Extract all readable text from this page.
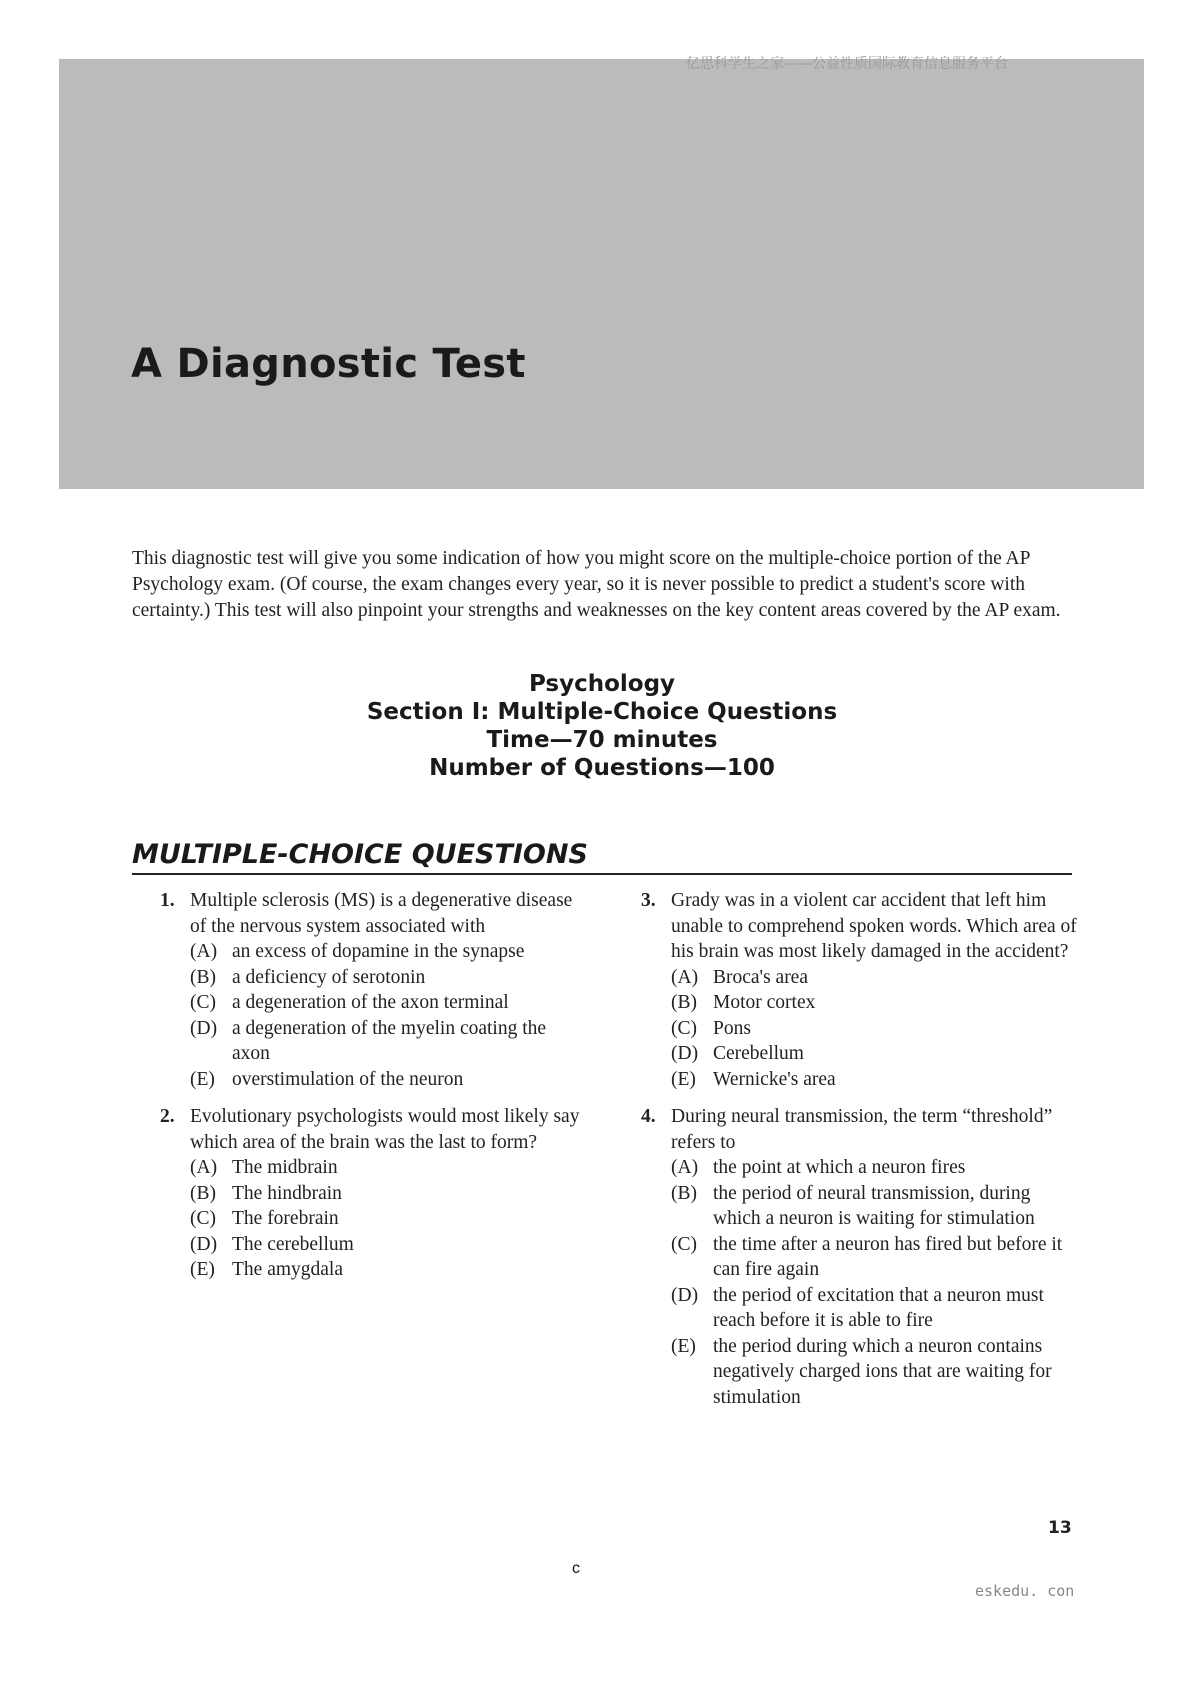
亿思科学生之家——公益性质国际教育信息服务平台
A Diagnostic Test

This diagnostic test will give you some indication of how you might score on the multiple-choice portion of the AP Psychology exam. (Of course, the exam changes every year, so it is never possible to predict a student's score with certainty.) This test will also pinpoint your strengths and weaknesses on the key content areas covered by the AP exam.

Psychology
Section I: Multiple-Choice Questions
Time—70 minutes
Number of Questions—100
MULTIPLE-CHOICE QUESTIONS
1. Multiple sclerosis (MS) is a degenerative disease of the nervous system associated with
(A) an excess of dopamine in the synapse
(B) a deficiency of serotonin
(C) a degeneration of the axon terminal
(D) a degeneration of the myelin coating the axon
(E) overstimulation of the neuron
2. Evolutionary psychologists would most likely say which area of the brain was the last to form?
(A) The midbrain
(B) The hindbrain
(C) The forebrain
(D) The cerebellum
(E) The amygdala
3. Grady was in a violent car accident that left him unable to comprehend spoken words. Which area of his brain was most likely damaged in the accident?
(A) Broca's area
(B) Motor cortex
(C) Pons
(D) Cerebellum
(E) Wernicke's area
4. During neural transmission, the term “threshold” refers to
(A) the point at which a neuron fires
(B) the period of neural transmission, during which a neuron is waiting for stimulation
(C) the time after a neuron has fired but before it can fire again
(D) the period of excitation that a neuron must reach before it is able to fire
(E) the period during which a neuron contains negatively charged ions that are waiting for stimulation
13
c
eskedu. con
